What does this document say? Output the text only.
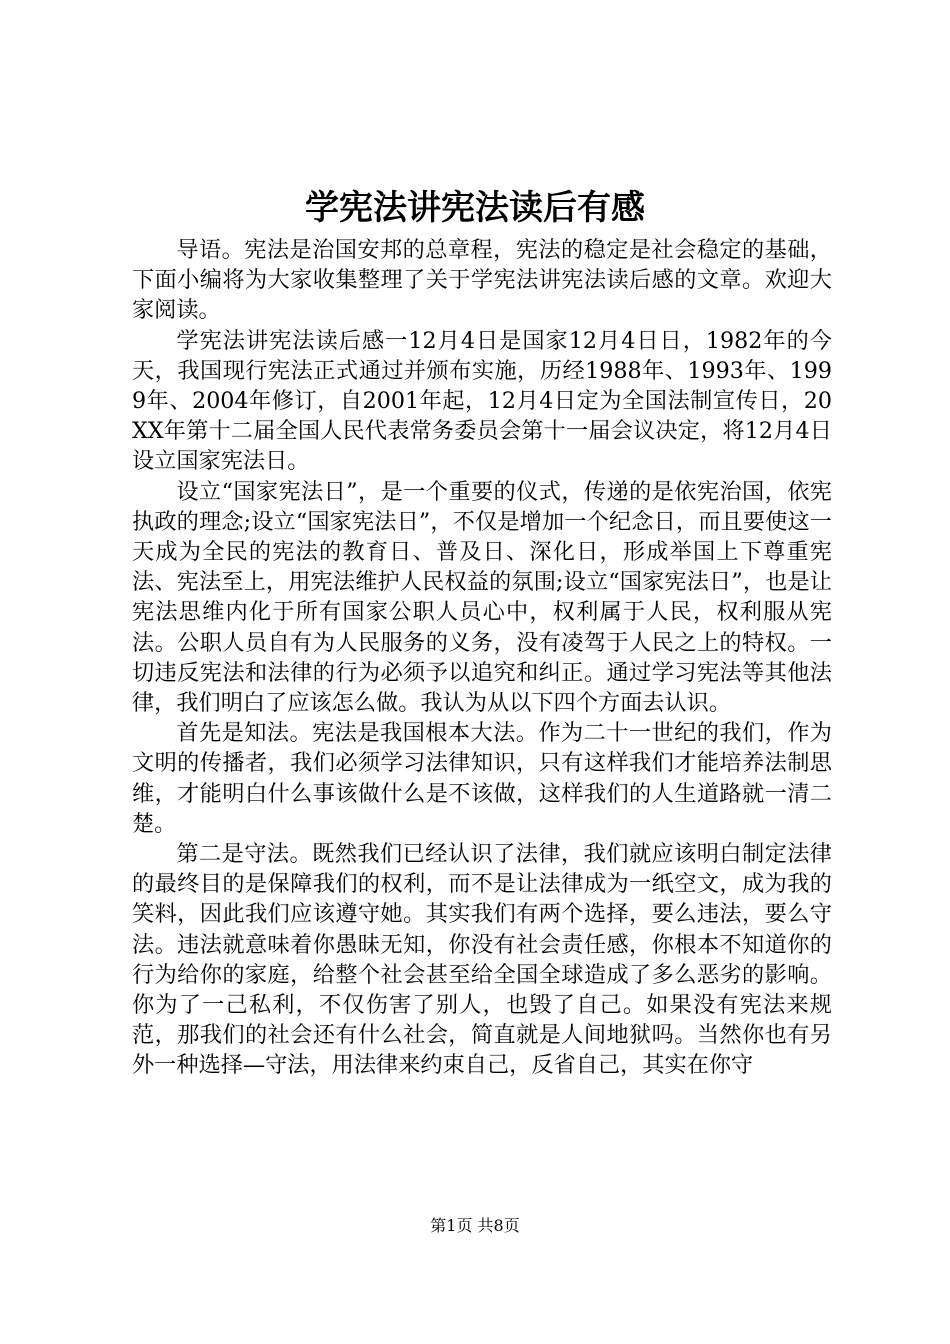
学宪法讲宪法读后有感

导语。宪法是治国安邦的总章程，宪法的稳定是社会稳定的基础，下面小编将为大家收集整理了关于学宪法讲宪法读后感的文章。欢迎大家阅读。

学宪法讲宪法读后感一12月4日是国家12月4日日，1982年的今天，我国现行宪法正式通过并颁布实施，历经1988年、1993年、1999年、2004年修订，自2001年起，12月4日定为全国法制宣传日，20XX年第十二届全国人民代表常务委员会第十一届会议决定，将12月4日设立国家宪法日。

设立“国家宪法日”，是一个重要的仪式，传递的是依宪治国，依宪执政的理念;设立“国家宪法日”，不仅是增加一个纪念日，而且要使这一天成为全民的宪法的教育日、普及日、深化日，形成举国上下尊重宪法、宪法至上，用宪法维护人民权益的氛围;设立“国家宪法日”，也是让宪法思维内化于所有国家公职人员心中，权利属于人民，权利服从宪法。公职人员自有为人民服务的义务，没有凌驾于人民之上的特权。一切违反宪法和法律的行为必须予以追究和纠正。通过学习宪法等其他法律，我们明白了应该怎么做。我认为从以下四个方面去认识。

首先是知法。宪法是我国根本大法。作为二十一世纪的我们，作为文明的传播者，我们必须学习法律知识，只有这样我们才能培养法制思维，才能明白什么事该做什么是不该做，这样我们的人生道路就一清二楚。

第二是守法。既然我们已经认识了法律，我们就应该明白制定法律的最终目的是保障我们的权利，而不是让法律成为一纸空文，成为我的笑料，因此我们应该遵守她。其实我们有两个选择，要么违法，要么守法。违法就意味着你愚昧无知，你没有社会责任感，你根本不知道你的行为给你的家庭，给整个社会甚至给全国全球造成了多么恶劣的影响。你为了一己私利，不仅伤害了别人，也毁了自己。如果没有宪法来规范，那我们的社会还有什么社会，简直就是人间地狱吗。当然你也有另外一种选择—守法，用法律来约束自己，反省自己，其实在你守

第1页 共8页
